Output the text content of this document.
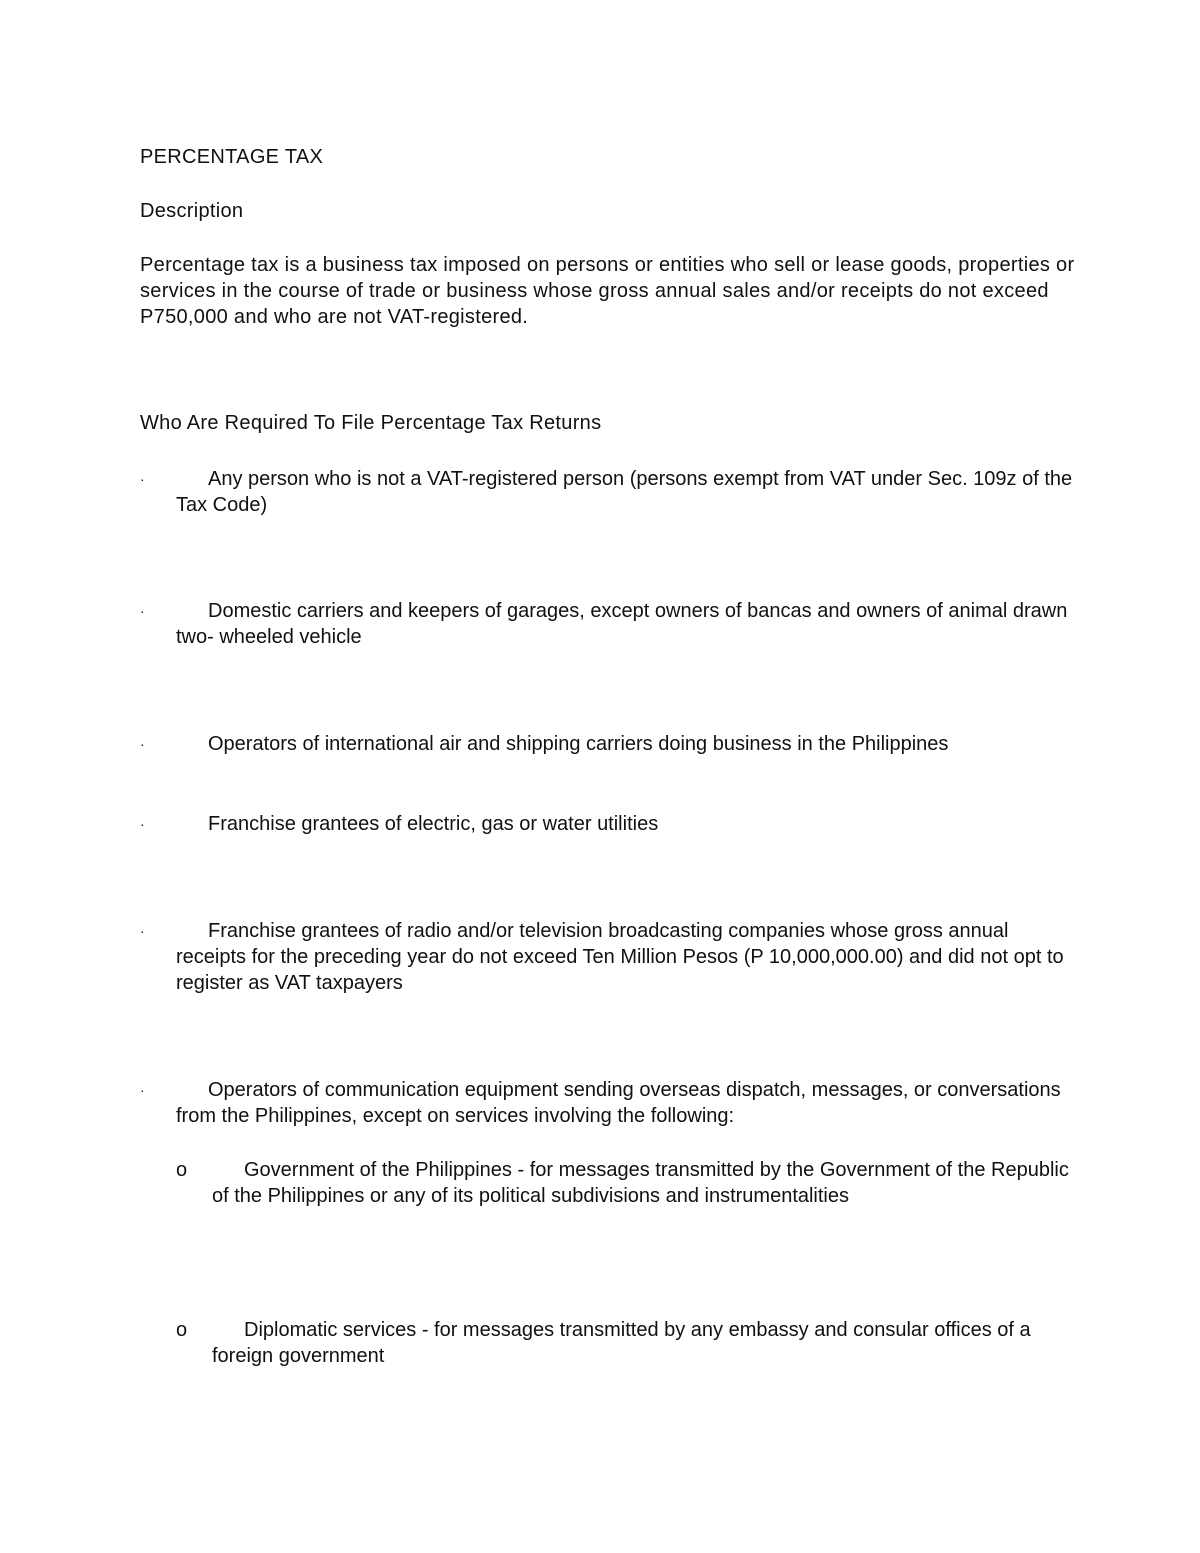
PERCENTAGE TAX

Description

Percentage tax is a business tax imposed on persons or entities who sell or lease goods, properties or services in the course of trade or business whose gross annual sales and/or receipts do not exceed P750,000 and who are not VAT-registered.

Who Are Required To File Percentage Tax Returns

·	Any person who is not a VAT-registered person (persons exempt from VAT under Sec. 109z of the Tax Code)
·	Domestic carriers and keepers of garages, except owners of bancas and owners of animal drawn two- wheeled vehicle
·	Operators of international air and shipping carriers doing business in the Philippines
·	Franchise grantees of electric, gas or water utilities
·	Franchise grantees of radio and/or television broadcasting companies whose gross annual receipts for the preceding year do not exceed Ten Million Pesos (P 10,000,000.00) and did not opt to register as VAT taxpayers
·	Operators of communication equipment sending overseas dispatch, messages, or conversations from the Philippines, except on services involving the following:
o	Government of the Philippines - for messages transmitted by the Government of the Republic of the Philippines or any of its political subdivisions and instrumentalities
o	Diplomatic services - for messages transmitted by any embassy and consular offices of a foreign government
